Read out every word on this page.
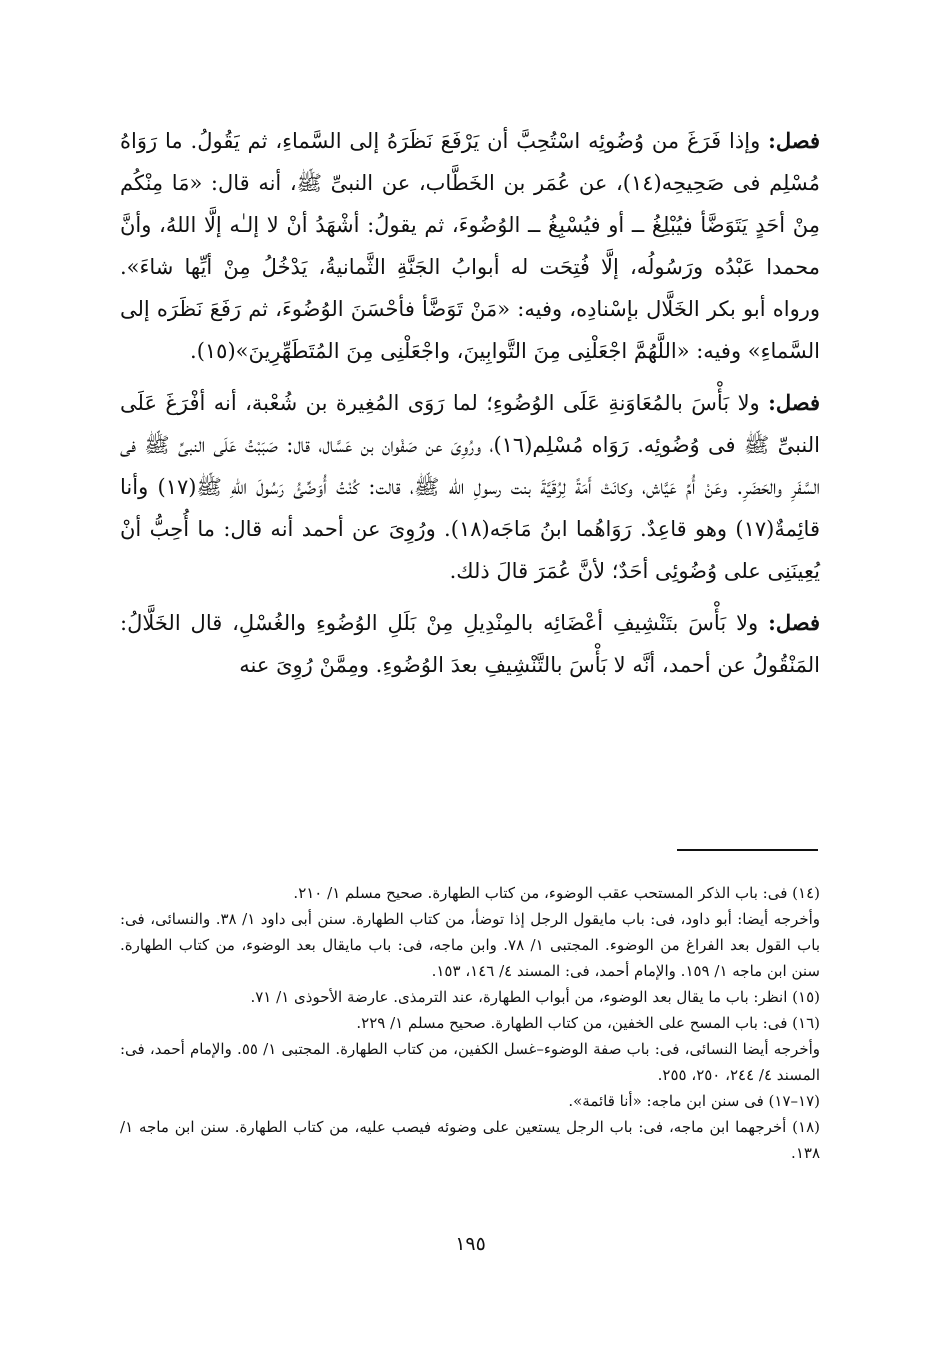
فصل: وإذا فَرَغَ من وُضُوئِه اسْتُحِبَّ أن يَرْفَعَ نَظَرَهُ إلى السَّماءِ، ثم يَقُولُ. ما رَوَاهُ مُسْلِم فى صَحِيحِه(١٤)، عن عُمَر بن الخَطَّاب، عن النبىِّ ﷺ، أنه قال: «مَا مِنْكُم مِنْ أحَدٍ يَتَوَضَّأ فيُبْلِغُ ــ أو فيُسْبِغُ ــ الوُضُوءَ، ثم يقولُ: أشْهَدُ أنْ لا إلـٰه إلَّا اللهُ، وأنَّ محمدا عَبْدُه ورَسُولُه، إلَّا فُتِحَت له أبوابُ الجَنَّةِ الثَّمانيةُ، يَدْخُلُ مِنْ أيِّها شاءَ». ورواه أبو بكر الخَلَّال بإسْنادِه، وفيه: «مَنْ تَوَضَّأ فأحْسَنَ الوُضُوءَ، ثم رَفَعَ نَظَرَه إلى السَّماءِ» وفيه: «اللَّهُمَّ اجْعَلْنِى مِنَ التَّوابِينَ، واجْعَلْنِى مِنَ المُتَطَهِّرِينَ»(١٥).

فصل: ولا بَأْسَ بالمُعَاوَنةِ عَلَى الوُضُوءِ؛ لما رَوَى المُغِيرة بن شُعْبة، أنه أفْرَغَ عَلَى النبىِّ ﷺ فى وُضُوئِه. رَوَاه مُسْلِم(١٦)، ورُوِىَ عن صَفْوان بن عَسَّال، قال: صَبَبْتُ عَلَى النبىِّ ﷺ فى السَّفَرِ والحَضَرِ. وعَنْ أُمِّ عَيَّاش، وكانَتْ أَمَةً لِرُقَيَّةَ بنت رسولِ الله ﷺ، قالت: كُنْتُ أُوَضِّئُ رَسُولَ اللهِ ﷺ(١٧) وأنا قائِمةٌ(١٧) وهو قاعِدٌ. رَوَاهُما ابنُ مَاجَه(١٨). ورُوِىَ عن أحمد أنه قال: ما أُحِبُّ أنْ يُعِينَنِى على وُضُوئِى أحَدٌ؛ لأنَّ عُمَرَ قالَ ذلك.

فصل: ولا بَأْسَ بتَنْشِيفِ أعْضَائِه بالمِنْدِيلِ مِنْ بَلَلِ الوُضُوءِ والغُسْلِ، قال الخَلَّالُ: المَنْقُولُ عن أحمد، أنَّه لا بَأْسَ بالتَّنْشِيفِ بعدَ الوُضُوءِ. ومِمَّنْ رُوِىَ عنه

(١٤) فى: باب الذكر المستحب عقب الوضوء، من كتاب الطهارة. صحيح مسلم ١/ ٢١٠.

وأخرجه أيضا: أبو داود، فى: باب مايقول الرجل إذا توضأ، من كتاب الطهارة. سنن أبى داود ١/ ٣٨. والنسائى، فى: باب القول بعد الفراغ من الوضوء. المجتبى ١/ ٧٨. وابن ماجه، فى: باب مايقال بعد الوضوء، من كتاب الطهارة. سنن ابن ماجه ١/ ١٥٩. والإمام أحمد، فى: المسند ٤/ ١٤٦، ١٥٣.

(١٥) انظر: باب ما يقال بعد الوضوء، من أبواب الطهارة، عند الترمذى. عارضة الأحوذى ١/ ٧١.

(١٦) فى: باب المسح على الخفين، من كتاب الطهارة. صحيح مسلم ١/ ٢٢٩.

وأخرجه أيضا النسائى، فى: باب صفة الوضوء–غسل الكفين، من كتاب الطهارة. المجتبى ١/ ٥٥. والإمام أحمد، فى: المسند ٤/ ٢٤٤، ٢٥٠، ٢٥٥.

(١٧–١٧) فى سنن ابن ماجه: «أنا قائمة».

(١٨) أخرجهما ابن ماجه، فى: باب الرجل يستعين على وضوئه فيصب عليه، من كتاب الطهارة. سنن ابن ماجه ١/ ١٣٨.

١٩٥
